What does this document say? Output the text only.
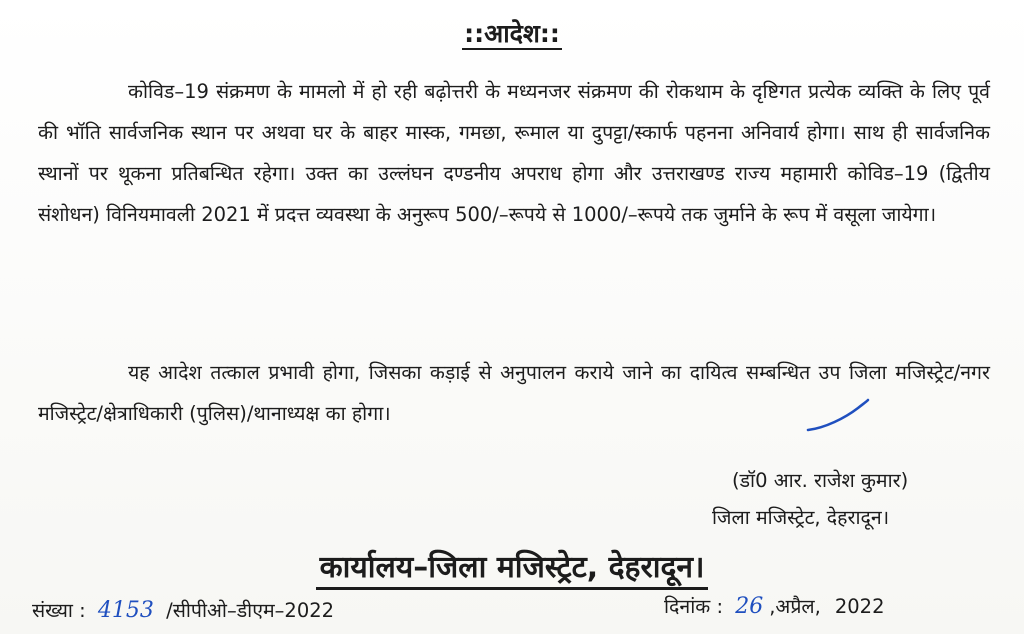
::आदेश::

कोविड–19 संक्रमण के मामलो में हो रही बढ़ोत्तरी के मध्यनजर संक्रमण की रोकथाम के दृष्टिगत प्रत्येक व्यक्ति के लिए पूर्व की भॉति सार्वजनिक स्थान पर अथवा घर के बाहर मास्क, गमछा, रूमाल या दुपट्टा/स्कार्फ पहनना अनिवार्य होगा। साथ ही सार्वजनिक स्थानों पर थूकना प्रतिबन्धित रहेगा। उक्त का उल्लंघन दण्डनीय अपराध होगा और उत्तराखण्ड राज्य महामारी कोविड–19 (द्वितीय संशोधन) विनियमावली 2021 में प्रदत्त व्यवस्था के अनुरूप 500/–रूपये से 1000/–रूपये तक जुर्माने के रूप में वसूला जायेगा।

यह आदेश तत्काल प्रभावी होगा, जिसका कड़ाई से अनुपालन कराये जाने का दायित्व सम्बन्धित उप जिला मजिस्ट्रेट/नगर मजिस्ट्रेट/क्षेत्राधिकारी (पुलिस)/थानाध्यक्ष का होगा।

(डॉ0 आर. राजेश कुमार)
जिला मजिस्ट्रेट, देहरादून।
कार्यालय–जिला मजिस्ट्रेट, देहरादून।
संख्या : 4153 /सीपीओ–डीएम–2022	दिनांक : 26 ,अप्रैल, 2022
